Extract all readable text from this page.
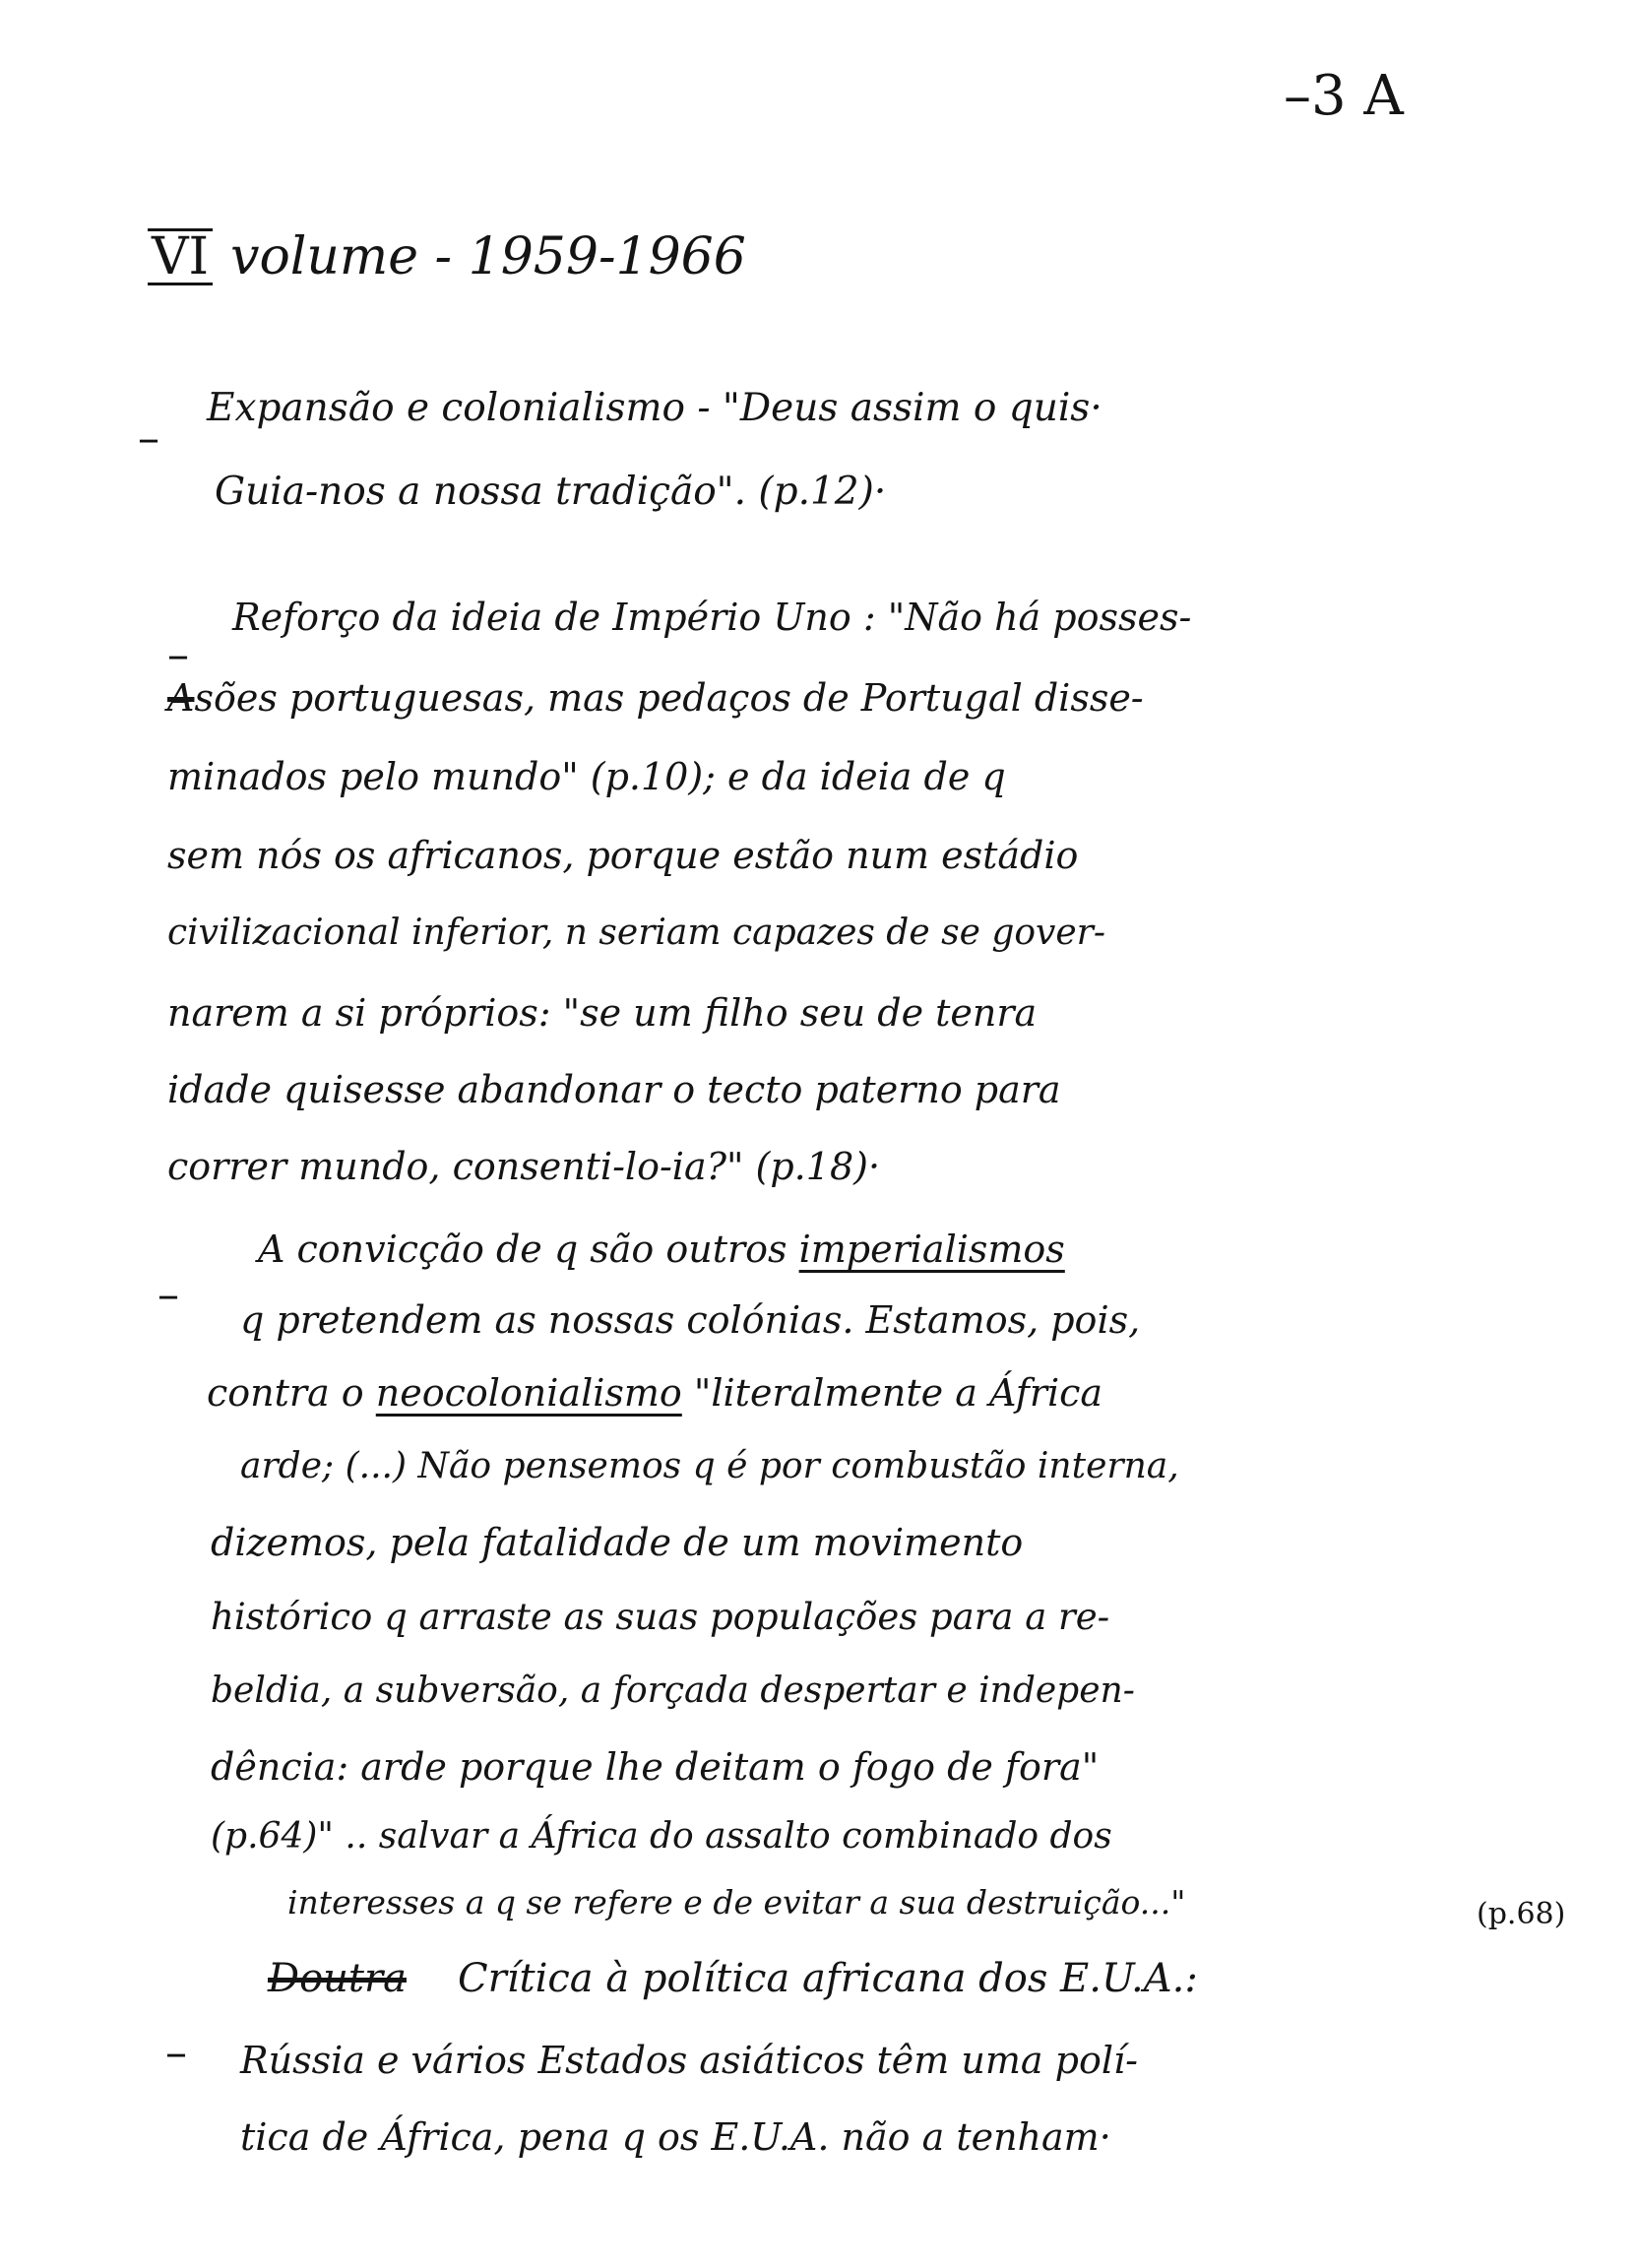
–3 A
VI volume - 1959-1966
–
Expansão e colonialismo - "Deus assim o quis·
Guia-nos a nossa tradição". (p.12)·
–
Reforço da ideia de Império Uno : "Não há posses-
Asões portuguesas, mas pedaços de Portugal disse-
minados pelo mundo" (p.10); e da ideia de q
sem nós os africanos, porque estão num estádio
civilizacional inferior, n seriam capazes de se gover-
narem a si próprios: "se um filho seu de tenra
idade quisesse abandonar o tecto paterno para
correr mundo, consenti-lo-ia?" (p.18)·
–
A convicção de q são outros imperialismos
q pretendem as nossas colónias. Estamos, pois,
contra o neocolonialismo "literalmente a África
arde; (...) Não pensemos q é por combustão interna,
dizemos, pela fatalidade de um movimento
histórico q arraste as suas populações para a re-
beldia, a subversão, a forçada despertar e indepen-
dência: arde porque lhe deitam o fogo de fora"
(p.64)" .. salvar a África do assalto combinado dos
interesses a q se refere e de evitar a sua destruição..."	(p.68)
–
Doutra Crítica à política africana dos E.U.A.:
Rússia e vários Estados asiáticos têm uma polí-
tica de África, pena q os E.U.A. não a tenham·
